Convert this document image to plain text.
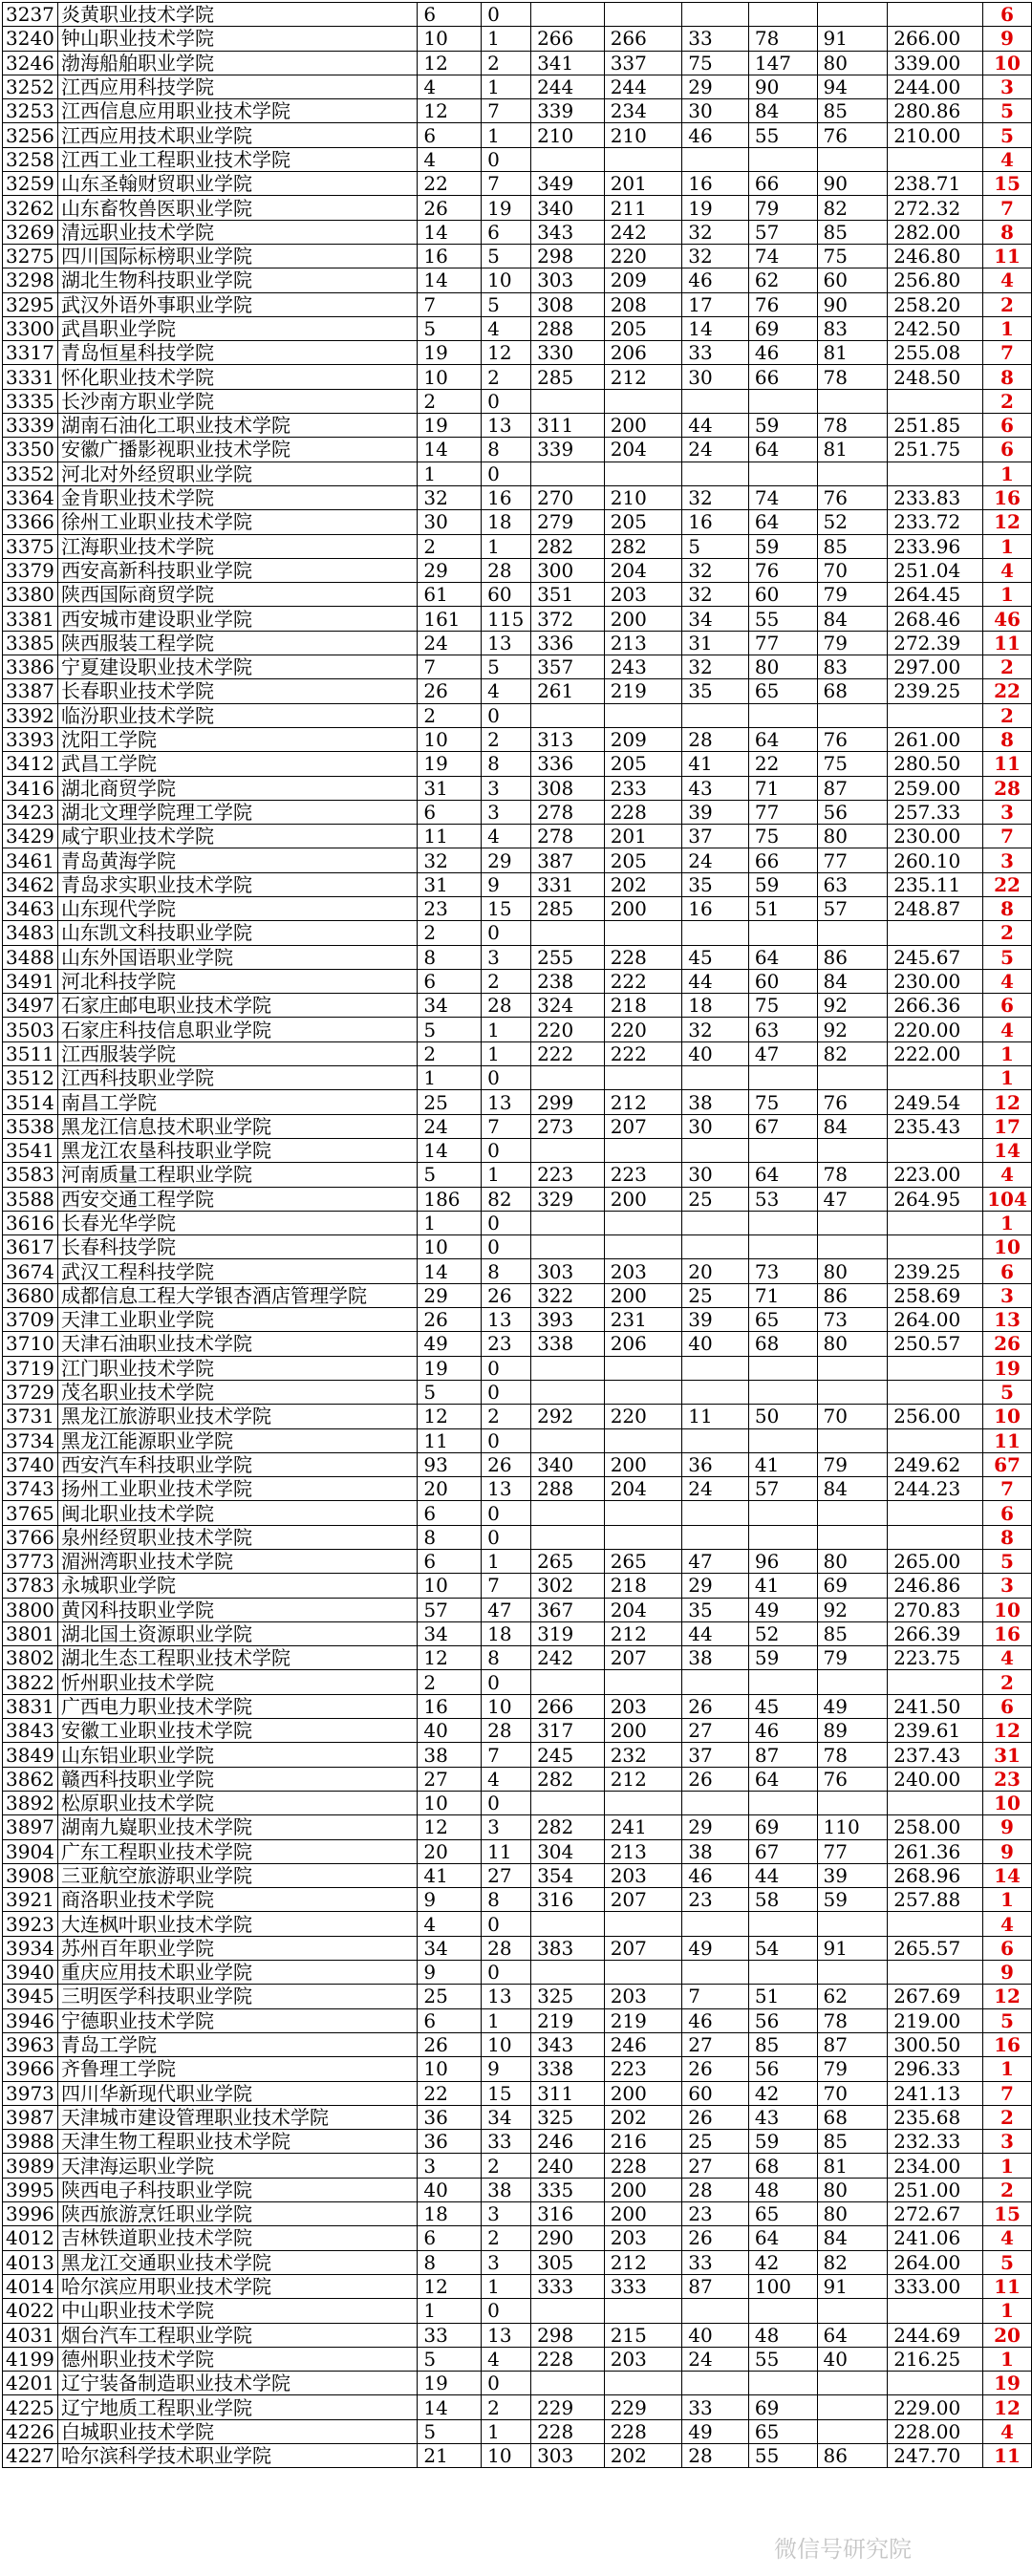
3237	炎黄职业技术学院	6	0							6
3240	钟山职业技术学院	10	1	266	266	33	78	91	266.00	9
3246	渤海船舶职业学院	12	2	341	337	75	147	80	339.00	10
3252	江西应用科技学院	4	1	244	244	29	90	94	244.00	3
3253	江西信息应用职业技术学院	12	7	339	234	30	84	85	280.86	5
3256	江西应用技术职业学院	6	1	210	210	46	55	76	210.00	5
3258	江西工业工程职业技术学院	4	0							4
3259	山东圣翰财贸职业学院	22	7	349	201	16	66	90	238.71	15
3262	山东畜牧兽医职业学院	26	19	340	211	19	79	82	272.32	7
3269	清远职业技术学院	14	6	343	242	32	57	85	282.00	8
3275	四川国际标榜职业学院	16	5	298	220	32	74	75	246.80	11
3298	湖北生物科技职业学院	14	10	303	209	46	62	60	256.80	4
3295	武汉外语外事职业学院	7	5	308	208	17	76	90	258.20	2
3300	武昌职业学院	5	4	288	205	14	69	83	242.50	1
3317	青岛恒星科技学院	19	12	330	206	33	46	81	255.08	7
3331	怀化职业技术学院	10	2	285	212	30	66	78	248.50	8
3335	长沙南方职业学院	2	0							2
3339	湖南石油化工职业技术学院	19	13	311	200	44	59	78	251.85	6
3350	安徽广播影视职业技术学院	14	8	339	204	24	64	81	251.75	6
3352	河北对外经贸职业学院	1	0							1
3364	金肯职业技术学院	32	16	270	210	32	74	76	233.83	16
3366	徐州工业职业技术学院	30	18	279	205	16	64	52	233.72	12
3375	江海职业技术学院	2	1	282	282	5	59	85	233.96	1
3379	西安高新科技职业学院	29	28	300	204	32	76	70	251.04	4
3380	陕西国际商贸学院	61	60	351	203	32	60	79	264.45	1
3381	西安城市建设职业学院	161	115	372	200	34	55	84	268.46	46
3385	陕西服装工程学院	24	13	336	213	31	77	79	272.39	11
3386	宁夏建设职业技术学院	7	5	357	243	32	80	83	297.00	2
3387	长春职业技术学院	26	4	261	219	35	65	68	239.25	22
3392	临汾职业技术学院	2	0							2
3393	沈阳工学院	10	2	313	209	28	64	76	261.00	8
3412	武昌工学院	19	8	336	205	41	22	75	280.50	11
3416	湖北商贸学院	31	3	308	233	43	71	87	259.00	28
3423	湖北文理学院理工学院	6	3	278	228	39	77	56	257.33	3
3429	咸宁职业技术学院	11	4	278	201	37	75	80	230.00	7
3461	青岛黄海学院	32	29	387	205	24	66	77	260.10	3
3462	青岛求实职业技术学院	31	9	331	202	35	59	63	235.11	22
3463	山东现代学院	23	15	285	200	16	51	57	248.87	8
3483	山东凯文科技职业学院	2	0							2
3488	山东外国语职业学院	8	3	255	228	45	64	86	245.67	5
3491	河北科技学院	6	2	238	222	44	60	84	230.00	4
3497	石家庄邮电职业技术学院	34	28	324	218	18	75	92	266.36	6
3503	石家庄科技信息职业学院	5	1	220	220	32	63	92	220.00	4
3511	江西服装学院	2	1	222	222	40	47	82	222.00	1
3512	江西科技职业学院	1	0							1
3514	南昌工学院	25	13	299	212	38	75	76	249.54	12
3538	黑龙江信息技术职业学院	24	7	273	207	30	67	84	235.43	17
3541	黑龙江农垦科技职业学院	14	0							14
3583	河南质量工程职业学院	5	1	223	223	30	64	78	223.00	4
3588	西安交通工程学院	186	82	329	200	25	53	47	264.95	104
3616	长春光华学院	1	0							1
3617	长春科技学院	10	0							10
3674	武汉工程科技学院	14	8	303	203	20	73	80	239.25	6
3680	成都信息工程大学银杏酒店管理学院	29	26	322	200	25	71	86	258.69	3
3709	天津工业职业学院	26	13	393	231	39	65	73	264.00	13
3710	天津石油职业技术学院	49	23	338	206	40	68	80	250.57	26
3719	江门职业技术学院	19	0							19
3729	茂名职业技术学院	5	0							5
3731	黑龙江旅游职业技术学院	12	2	292	220	11	50	70	256.00	10
3734	黑龙江能源职业学院	11	0							11
3740	西安汽车科技职业学院	93	26	340	200	36	41	79	249.62	67
3743	扬州工业职业技术学院	20	13	288	204	24	57	84	244.23	7
3765	闽北职业技术学院	6	0							6
3766	泉州经贸职业技术学院	8	0							8
3773	湄洲湾职业技术学院	6	1	265	265	47	96	80	265.00	5
3783	永城职业学院	10	7	302	218	29	41	69	246.86	3
3800	黄冈科技职业学院	57	47	367	204	35	49	92	270.83	10
3801	湖北国土资源职业学院	34	18	319	212	44	52	85	266.39	16
3802	湖北生态工程职业技术学院	12	8	242	207	38	59	79	223.75	4
3822	忻州职业技术学院	2	0							2
3831	广西电力职业技术学院	16	10	266	203	26	45	49	241.50	6
3843	安徽工业职业技术学院	40	28	317	200	27	46	89	239.61	12
3849	山东铝业职业学院	38	7	245	232	37	87	78	237.43	31
3862	赣西科技职业学院	27	4	282	212	26	64	76	240.00	23
3892	松原职业技术学院	10	0							10
3897	湖南九嶷职业技术学院	12	3	282	241	29	69	110	258.00	9
3904	广东工程职业技术学院	20	11	304	213	38	67	77	261.36	9
3908	三亚航空旅游职业学院	41	27	354	203	46	44	39	268.96	14
3921	商洛职业技术学院	9	8	316	207	23	58	59	257.88	1
3923	大连枫叶职业技术学院	4	0							4
3934	苏州百年职业学院	34	28	383	207	49	54	91	265.57	6
3940	重庆应用技术职业学院	9	0							9
3945	三明医学科技职业学院	25	13	325	203	7	51	62	267.69	12
3946	宁德职业技术学院	6	1	219	219	46	56	78	219.00	5
3963	青岛工学院	26	10	343	246	27	85	87	300.50	16
3966	齐鲁理工学院	10	9	338	223	26	56	79	296.33	1
3973	四川华新现代职业学院	22	15	311	200	60	42	70	241.13	7
3987	天津城市建设管理职业技术学院	36	34	325	202	26	43	68	235.68	2
3988	天津生物工程职业技术学院	36	33	246	216	25	59	85	232.33	3
3989	天津海运职业学院	3	2	240	228	27	68	81	234.00	1
3995	陕西电子科技职业学院	40	38	335	200	28	48	80	251.00	2
3996	陕西旅游烹饪职业学院	18	3	316	200	23	65	80	272.67	15
4012	吉林铁道职业技术学院	6	2	290	203	26	64	84	241.06	4
4013	黑龙江交通职业技术学院	8	3	305	212	33	42	82	264.00	5
4014	哈尔滨应用职业技术学院	12	1	333	333	87	100	91	333.00	11
4022	中山职业技术学院	1	0							1
4031	烟台汽车工程职业学院	33	13	298	215	40	48	64	244.69	20
4199	德州职业技术学院	5	4	228	203	24	55	40	216.25	1
4201	辽宁装备制造职业技术学院	19	0							19
4225	辽宁地质工程职业学院	14	2	229	229	33	69		229.00	12
4226	白城职业技术学院	5	1	228	228	49	65		228.00	4
4227	哈尔滨科学技术职业学院	21	10	303	202	28	55	86	247.70	11
微信号研究院
